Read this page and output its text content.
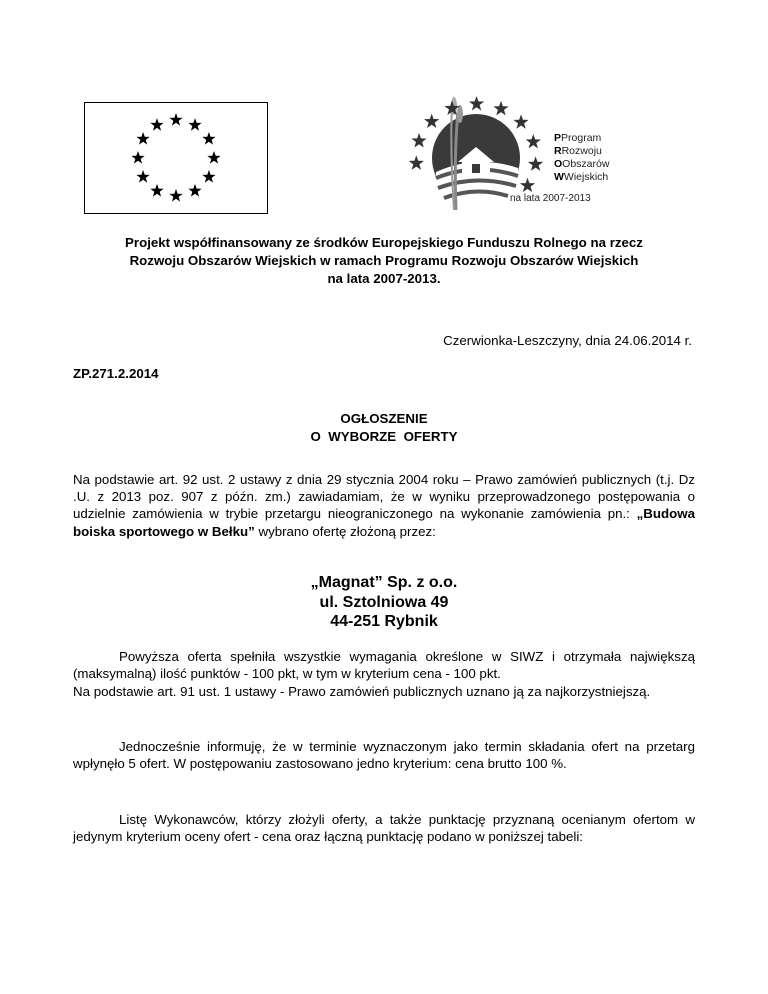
PProgram
RRozwoju
OObszarów
WWiejskich
na lata 2007-2013
Projekt współfinansowany ze środków Europejskiego Funduszu Rolnego na rzecz
Rozwoju Obszarów Wiejskich w ramach Programu Rozwoju Obszarów Wiejskich
na lata 2007-2013.
Czerwionka-Leszczyny, dnia 24.06.2014 r.
ZP.271.2.2014
OGŁOSZENIE
O  WYBORZE  OFERTY
Na podstawie art. 92 ust. 2 ustawy z dnia 29 stycznia 2004 roku – Prawo zamówień publicznych (t.j. Dz .U. z 2013 poz. 907 z późn. zm.) zawiadamiam, że w wyniku przeprowadzonego postępowania o udzielnie zamówienia w trybie przetargu nieograniczonego na wykonanie zamówienia pn.: „Budowa boiska sportowego w Bełku” wybrano ofertę złożoną przez:
„Magnat” Sp. z o.o.
ul. Sztolniowa 49
44-251 Rybnik
Powyższa oferta spełniła wszystkie wymagania określone w SIWZ i otrzymała największą (maksymalną) ilość punktów - 100 pkt, w tym w kryterium cena - 100 pkt.
Na podstawie art. 91 ust. 1 ustawy - Prawo zamówień publicznych uznano ją za najkorzystniejszą.
Jednocześnie informuję, że w terminie wyznaczonym jako termin składania ofert na przetarg wpłynęło 5 ofert. W postępowaniu zastosowano jedno kryterium: cena brutto 100 %.
Listę Wykonawców, którzy złożyli oferty, a także punktację przyznaną ocenianym ofertom w jedynym kryterium oceny ofert - cena oraz łączną punktację podano w poniższej tabeli:
